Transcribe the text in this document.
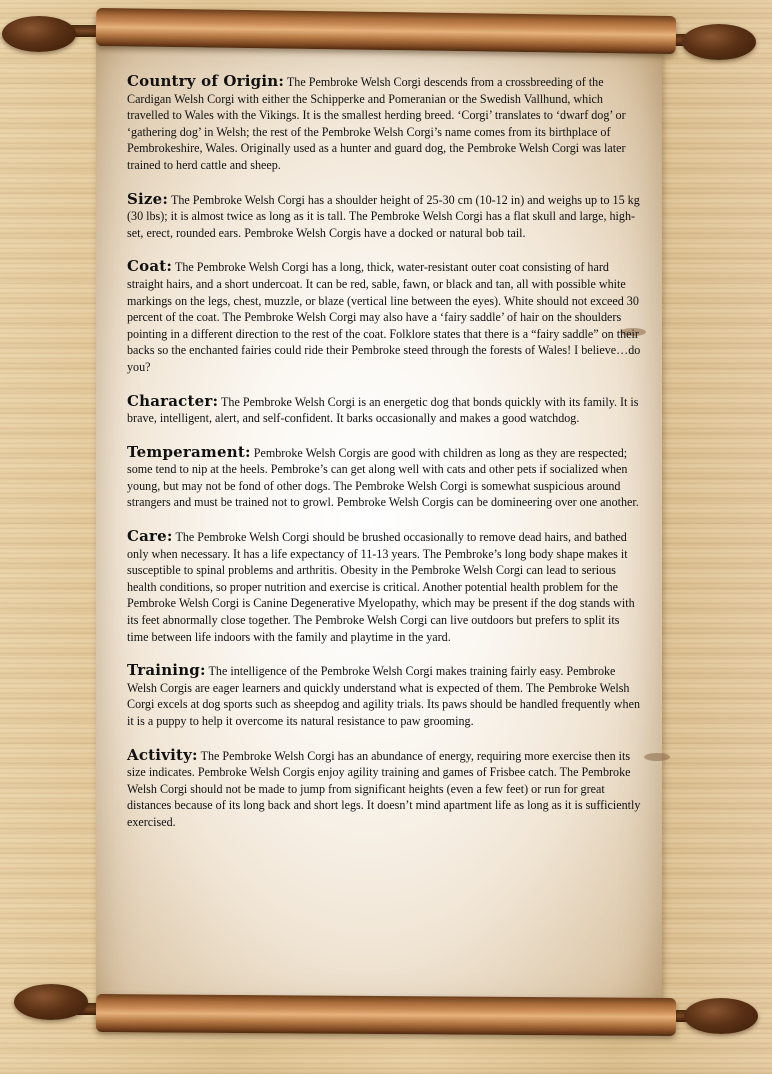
Country of Origin: The Pembroke Welsh Corgi descends from a crossbreeding of the Cardigan Welsh Corgi with either the Schipperke and Pomeranian or the Swedish Vallhund, which travelled to Wales with the Vikings. It is the smallest herding breed. ‘Corgi’ translates to ‘dwarf dog’ or ‘gathering dog’ in Welsh; the rest of the Pembroke Welsh Corgi’s name comes from its birthplace of Pembrokeshire, Wales. Originally used as a hunter and guard dog, the Pembroke Welsh Corgi was later trained to herd cattle and sheep.

Size: The Pembroke Welsh Corgi has a shoulder height of 25-30 cm (10-12 in) and weighs up to 15 kg (30 lbs); it is almost twice as long as it is tall. The Pembroke Welsh Corgi has a flat skull and large, high-set, erect, rounded ears. Pembroke Welsh Corgis have a docked or natural bob tail.

Coat: The Pembroke Welsh Corgi has a long, thick, water-resistant outer coat consisting of hard straight hairs, and a short undercoat. It can be red, sable, fawn, or black and tan, all with possible white markings on the legs, chest, muzzle, or blaze (vertical line between the eyes). White should not exceed 30 percent of the coat. The Pembroke Welsh Corgi may also have a ‘fairy saddle’ of hair on the shoulders pointing in a different direction to the rest of the coat. Folklore states that there is a “fairy saddle” on their backs so the enchanted fairies could ride their Pembroke steed through the forests of Wales! I believe…do you?

Character: The Pembroke Welsh Corgi is an energetic dog that bonds quickly with its family. It is brave, intelligent, alert, and self-confident. It barks occasionally and makes a good watchdog.

Temperament: Pembroke Welsh Corgis are good with children as long as they are respected; some tend to nip at the heels. Pembroke’s can get along well with cats and other pets if socialized when young, but may not be fond of other dogs. The Pembroke Welsh Corgi is somewhat suspicious around strangers and must be trained not to growl. Pembroke Welsh Corgis can be domineering over one another.

Care: The Pembroke Welsh Corgi should be brushed occasionally to remove dead hairs, and bathed only when necessary. It has a life expectancy of 11-13 years. The Pembroke’s long body shape makes it susceptible to spinal problems and arthritis. Obesity in the Pembroke Welsh Corgi can lead to serious health conditions, so proper nutrition and exercise is critical. Another potential health problem for the Pembroke Welsh Corgi is Canine Degenerative Myelopathy, which may be present if the dog stands with its feet abnormally close together. The Pembroke Welsh Corgi can live outdoors but prefers to split its time between life indoors with the family and playtime in the yard.

Training: The intelligence of the Pembroke Welsh Corgi makes training fairly easy. Pembroke Welsh Corgis are eager learners and quickly understand what is expected of them. The Pembroke Welsh Corgi excels at dog sports such as sheepdog and agility trials. Its paws should be handled frequently when it is a puppy to help it overcome its natural resistance to paw grooming.

Activity: The Pembroke Welsh Corgi has an abundance of energy, requiring more exercise then its size indicates. Pembroke Welsh Corgis enjoy agility training and games of Frisbee catch. The Pembroke Welsh Corgi should not be made to jump from significant heights (even a few feet) or run for great distances because of its long back and short legs. It doesn’t mind apartment life as long as it is sufficiently exercised.
